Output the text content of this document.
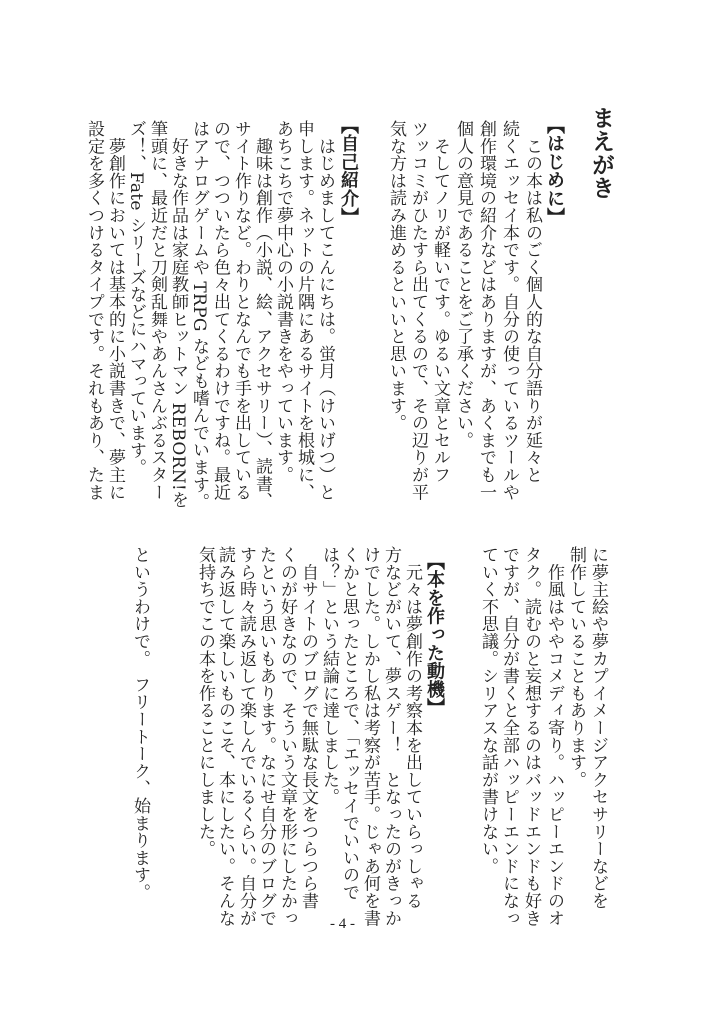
まえがき
【はじめに】
　この本は私のごく個人的な自分語りが延々と
続くエッセイ本です。自分の使っているツールや
創作環境の紹介などはありますが、あくまでも一
個人の意見であることをご了承ください。
　そしてノリが軽いです。ゆるい文章とセルフ
ツッコミがひたすら出てくるので、その辺りが平
気な方は読み進めるといいと思います。
【自己紹介】
　はじめましてこんにちは。蛍月（けいげつ）と
申します。ネットの片隅にあるサイトを根城に、
あちこちで夢中心の小説書きをやっています。
　趣味は創作（小説、絵、アクセサリー）、読書、
サイト作りなど。わりとなんでも手を出している
ので、つついたら色々出てくるわけですね。最近
はアナログゲームや TRPG なども嗜んでいます。
　好きな作品は家庭教師ヒットマン REBORN!を
筆頭に、最近だと刀剣乱舞やあんさんぶるスター
ズ！、Fate シリーズなどにハマっています。
　夢創作においては基本的に小説書きで、夢主に
設定を多くつけるタイプです。それもあり、たま
に夢主絵や夢カプイメージアクセサリーなどを
制作していることもあります。
　作風はややコメディ寄り。ハッピーエンドのオ
タク。読むのと妄想するのはバッドエンドも好き
ですが、自分が書くと全部ハッピーエンドになっ
ていく不思議。シリアスな話が書けない。
【本を作った動機】
　元々は夢創作の考察本を出していらっしゃる
方などがいて、夢スゲー！　となったのがきっか
けでした。しかし私は考察が苦手。じゃあ何を書
くかと思ったところで、「エッセイでいいので
は？」という結論に達しました。
　自サイトのブログで無駄な長文をつらつら書
くのが好きなので、そういう文章を形にしたかっ
たという思いもあります。なにせ自分のブログで
すら時々読み返して楽しんでいるくらい。自分が
読み返して楽しいものこそ、本にしたい。そんな
気持ちでこの本を作ることにしました。
というわけで。　フリートーク、始まります。
- 4 -
